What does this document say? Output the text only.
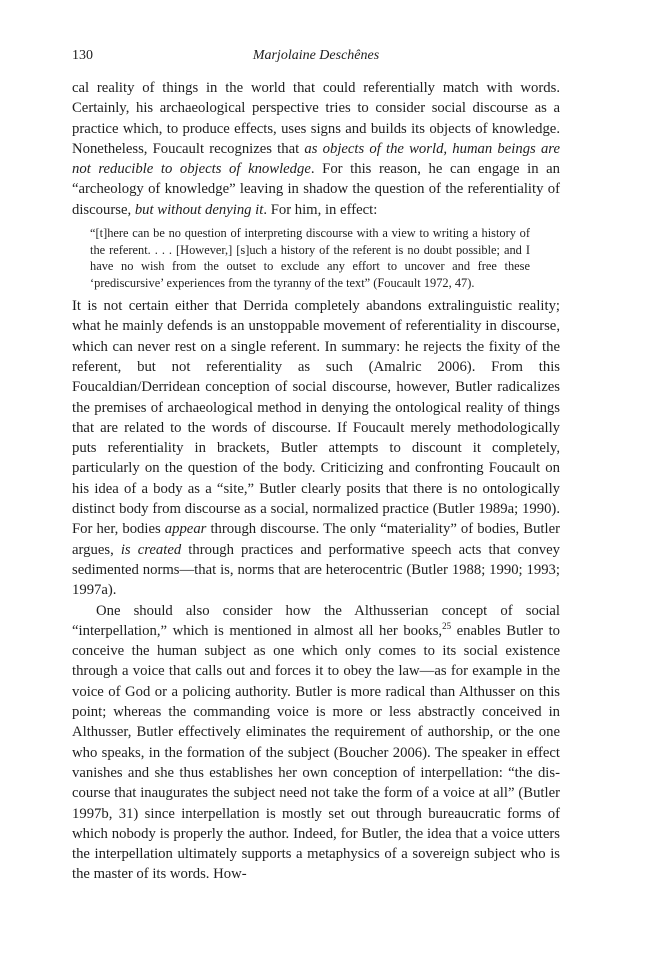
130	Marjolaine Deschênes

cal reality of things in the world that could referentially match with words. Certainly, his archaeological perspective tries to consider social discourse as a practice which, to produce effects, uses signs and builds its objects of knowledge. Nonetheless, Foucault recognizes that as objects of the world, human beings are not reducible to objects of knowledge. For this reason, he can engage in an “archeology of knowledge” leaving in shadow the question of the referentiality of discourse, but without denying it. For him, in effect:

“[t]here can be no question of interpreting discourse with a view to writing a history of the referent. . . . [However,] [s]uch a history of the referent is no doubt possible; and I have no wish from the outset to exclude any effort to uncover and free these ‘prediscursive’ experiences from the tyranny of the text” (Foucault 1972, 47).

It is not certain either that Derrida completely abandons extralinguistic reality; what he mainly defends is an unstoppable movement of referentiality in discourse, which can never rest on a single referent. In summary: he rejects the fixity of the referent, but not referentiality as such (Amalric 2006). From this Foucaldian/Derridean conception of social discourse, however, Butler radicalizes the premises of archaeological method in denying the ontological reality of things that are related to the words of discourse. If Foucault merely methodologically puts referentiality in brackets, Butler attempts to discount it completely, particularly on the question of the body. Criticizing and confronting Foucault on his idea of a body as a “site,” Butler clearly posits that there is no ontologically distinct body from discourse as a social, normalized practice (Butler 1989a; 1990). For her, bodies appear through discourse. The only “materiality” of bodies, Butler argues, is created through practices and performative speech acts that convey sedimented norms—that is, norms that are heterocentric (Butler 1988; 1990; 1993; 1997a).

One should also consider how the Althusserian concept of social “interpellation,” which is mentioned in almost all her books,$^{25}$ enables Butler to conceive the human subject as one which only comes to its social existence through a voice that calls out and forces it to obey the law—as for example in the voice of God or a policing authority. Butler is more radical than Althusser on this point; whereas the commanding voice is more or less abstractly conceived in Althusser, Butler effectively eliminates the requirement of authorship, or the one who speaks, in the formation of the subject (Boucher 2006). The speaker in effect vanishes and she thus establishes her own conception of interpellation: “the discourse that inaugurates the subject need not take the form of a voice at all” (Butler 1997b, 31) since interpellation is mostly set out through bureaucratic forms of which nobody is properly the author. Indeed, for Butler, the idea that a voice utters the interpellation ultimately supports a metaphysics of a sovereign subject who is the master of its words. How-
